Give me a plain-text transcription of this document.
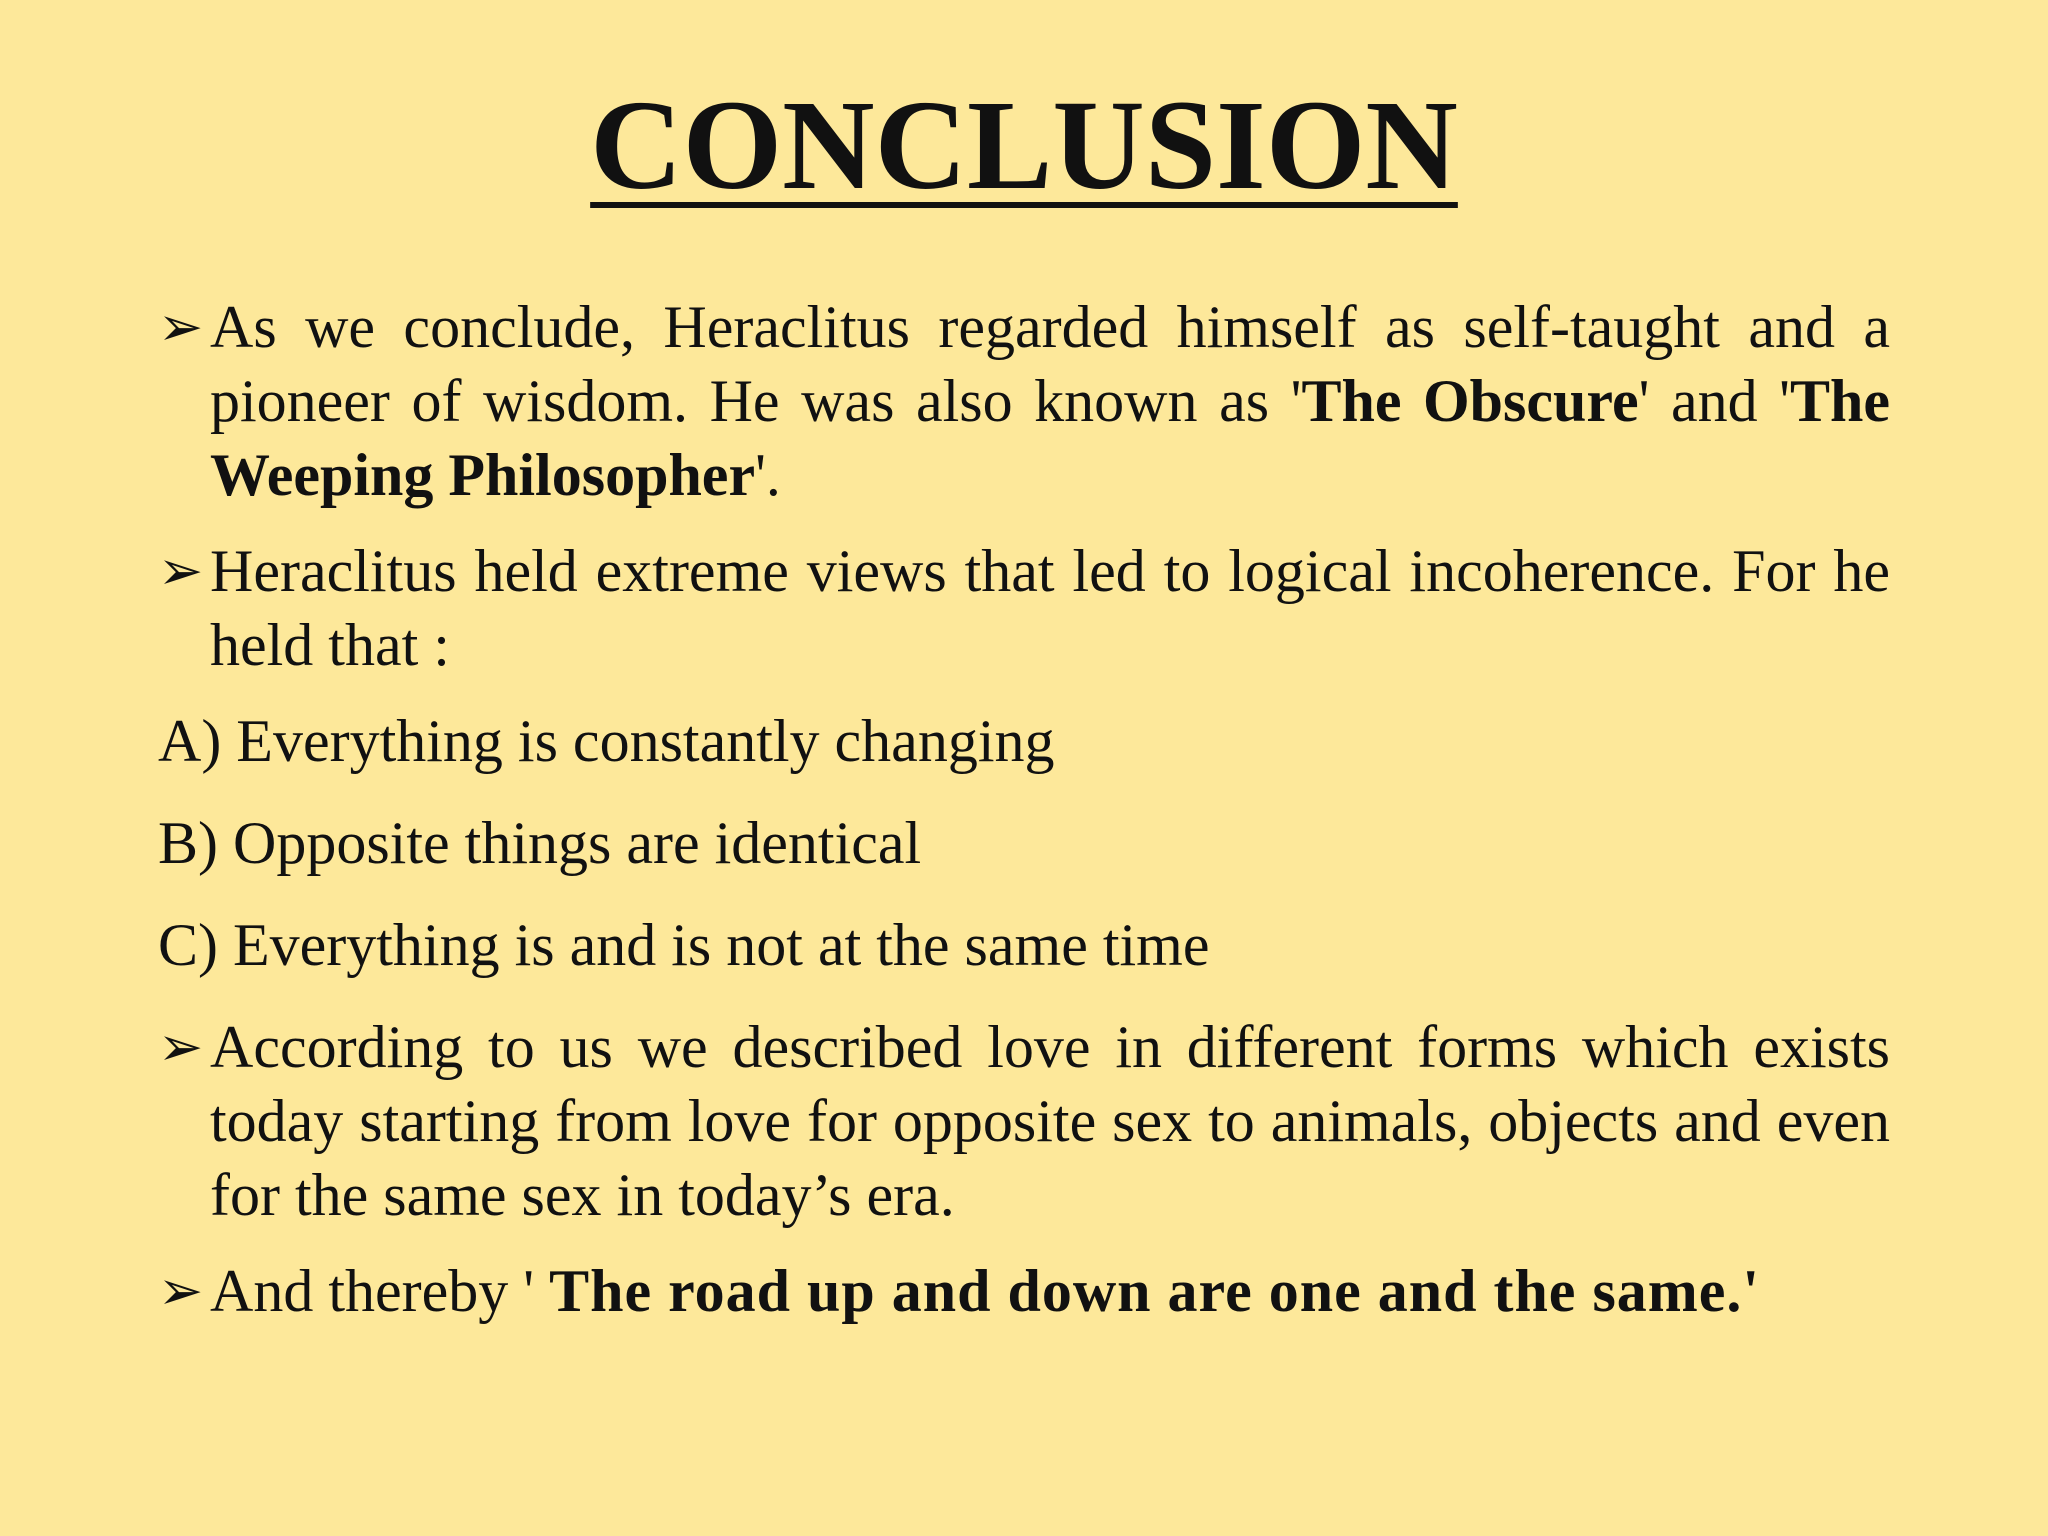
CONCLUSION

➢ As we conclude, Heraclitus regarded himself as self-taught and a pioneer of wisdom. He was also known as 'The Obscure' and 'The Weeping Philosopher'.

➢ Heraclitus held extreme views that led to logical incoherence. For he held that :

A) Everything is constantly changing

B) Opposite things are identical

C) Everything is and is not at the same time

➢ According to us we described love in different forms which exists today starting from love for opposite sex to animals, objects and even for the same sex in today’s era.

➢ And thereby ' The road up and down are one and the same.'
